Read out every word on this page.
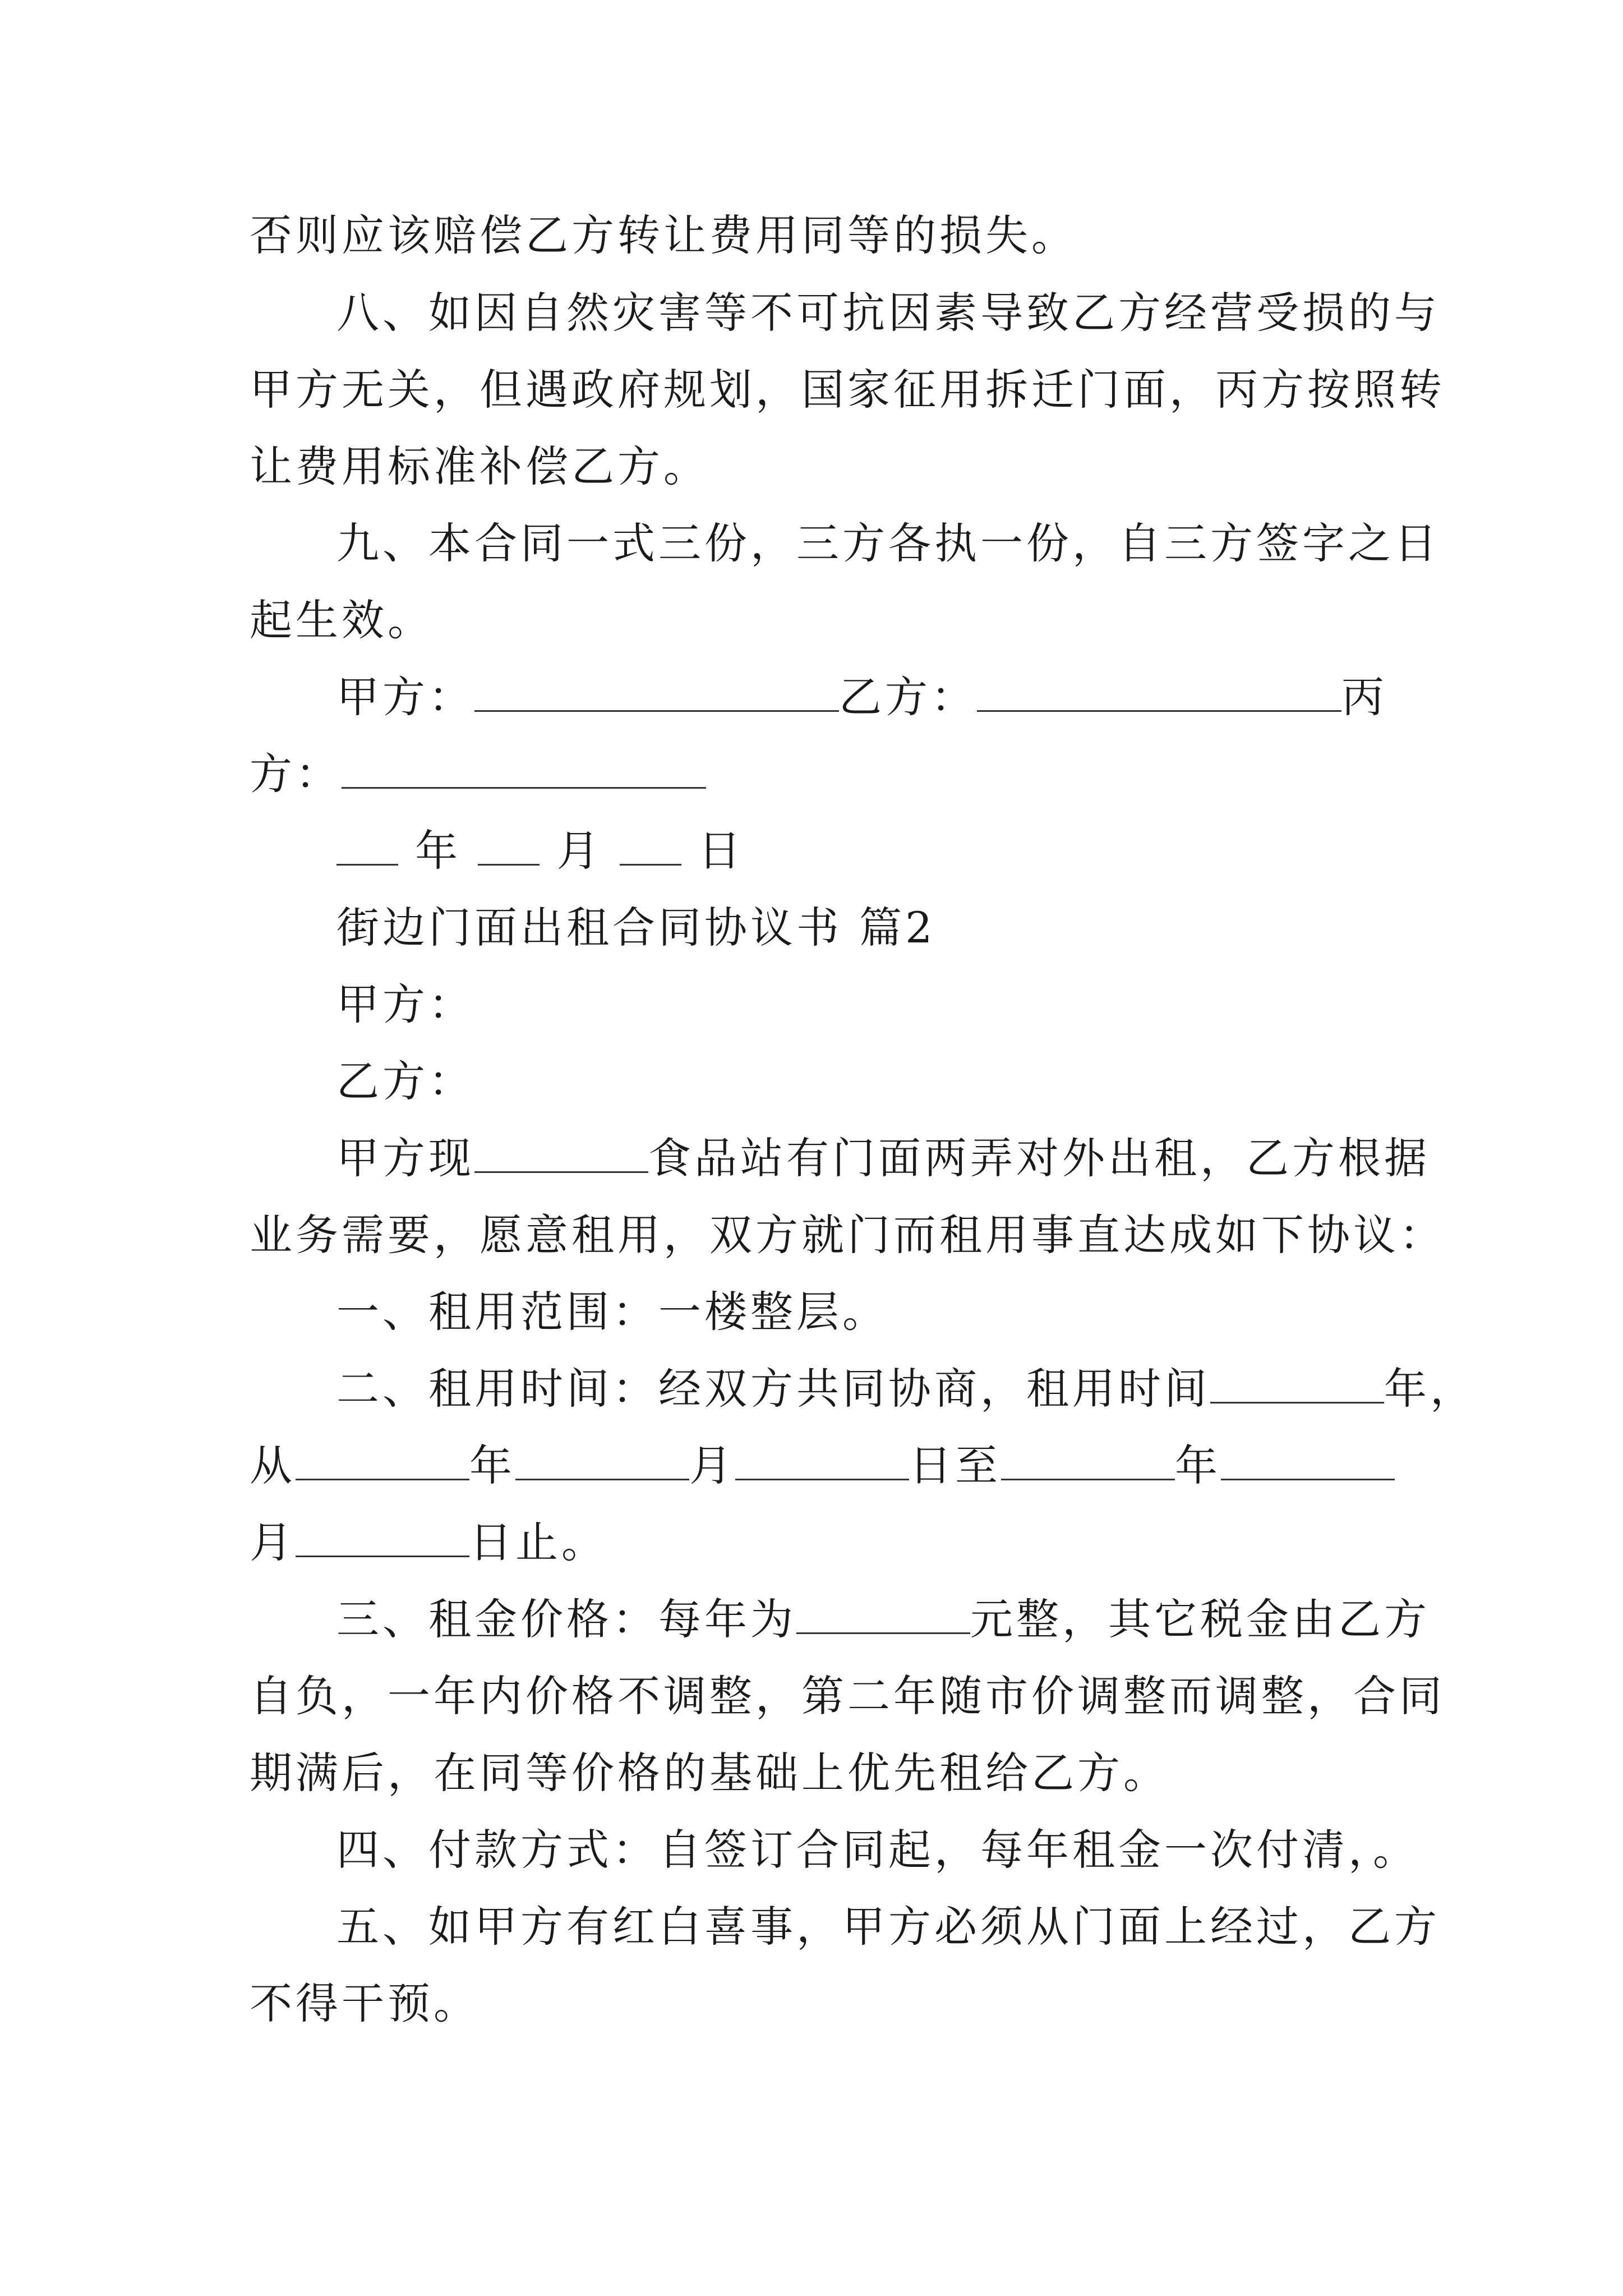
否则应该赔偿乙方转让费用同等的损失。
八、如因自然灾害等不可抗因素导致乙方经营受损的与
甲方无关，但遇政府规划，国家征用拆迁门面，丙方按照转
让费用标准补偿乙方。
九、本合同一式三份，三方各执一份，自三方签字之日
起生效。
甲方：	乙方：	丙
方：
年 月 日
街边门面出租合同协议书 篇2
甲方：
乙方：
甲方现	食品站有门面两弄对外出租，乙方根据
业务需要，愿意租用，双方就门而租用事直达成如下协议：
一、租用范围：一楼整层。
二、租用时间：经双方共同协商，租用时间	年，
从	年	月	日至	年
月	日止。
三、租金价格：每年为	元整，其它税金由乙方
自负，一年内价格不调整，第二年随市价调整而调整，合同
期满后，在同等价格的基础上优先租给乙方。
四、付款方式：自签订合同起，每年租金一次付清，。
五、如甲方有红白喜事，甲方必须从门面上经过，乙方
不得干预。
